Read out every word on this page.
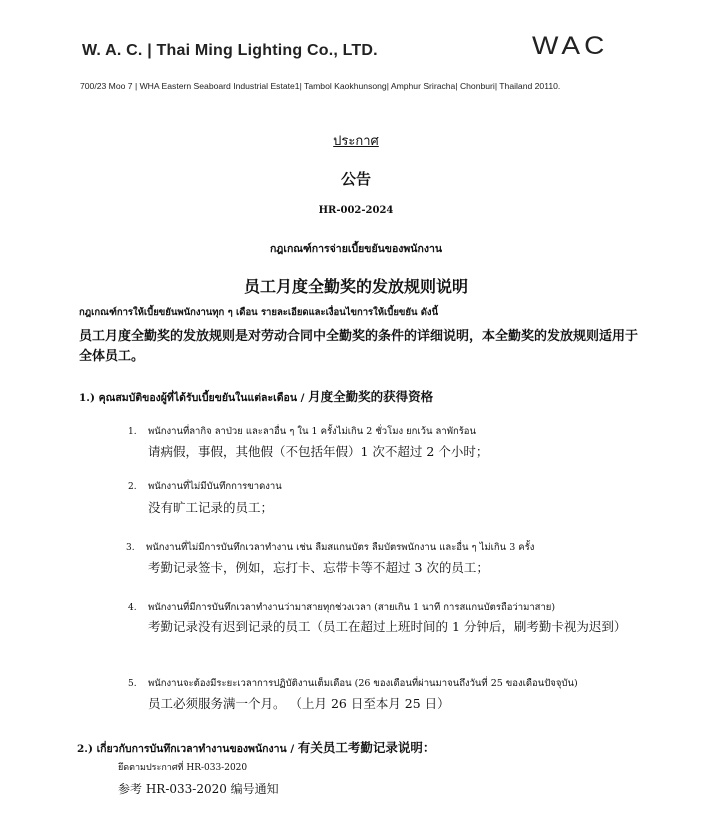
W. A. C. | Thai Ming Lighting Co., LTD.	WAC
700/23 Moo 7 | WHA Eastern Seaboard Industrial Estate1| Tambol Kaokhunsong| Amphur Sriracha| Chonburi| Thailand 20110.
ประกาศ
公告
HR-002-2024
กฎเกณฑ์การจ่ายเบี้ยขยันของพนักงาน
员工月度全勤奖的发放规则说明
กฎเกณฑ์การให้เบี้ยขยันพนักงานทุก ๆ เดือน รายละเอียดและเงื่อนไขการให้เบี้ยขยัน ดังนี้
员工月度全勤奖的发放规则是对劳动合同中全勤奖的条件的详细说明，本全勤奖的发放规则适用于全体员工。
1.) คุณสมบัติของผู้ที่ได้รับเบี้ยขยันในแต่ละเดือน / 月度全勤奖的获得资格
1. พนักงานที่ลากิจ ลาป่วย และลาอื่น ๆ ใน 1 ครั้งไม่เกิน 2 ชั่วโมง ยกเว้น ลาพักร้อน
请病假，事假，其他假（不包括年假）1 次不超过 2 个小时；
2. พนักงานที่ไม่มีบันทึกการขาดงาน
没有旷工记录的员工；
3. พนักงานที่ไม่มีการบันทึกเวลาทำงาน เช่น ลืมสแกนบัตร ลืมบัตรพนักงาน และอื่น ๆ ไม่เกิน 3 ครั้ง
考勤记录签卡，例如，忘打卡、忘带卡等不超过 3 次的员工；
4. พนักงานที่มีการบันทึกเวลาทำงานว่ามาสายทุกช่วงเวลา (สายเกิน 1 นาที การสแกนบัตรถือว่ามาสาย)
考勤记录没有迟到记录的员工（员工在超过上班时间的 1 分钟后，刷考勤卡视为迟到）
5. พนักงานจะต้องมีระยะเวลาการปฏิบัติงานเต็มเดือน (26 ของเดือนที่ผ่านมาจนถึงวันที่ 25 ของเดือนปัจจุบัน)
员工必须服务满一个月。 （上月 26 日至本月 25 日）
2.) เกี่ยวกับการบันทึกเวลาทำงานของพนักงาน / 有关员工考勤记录说明：
ยึดตามประกาศที่ HR-033-2020
参考 HR-033-2020 编号通知
